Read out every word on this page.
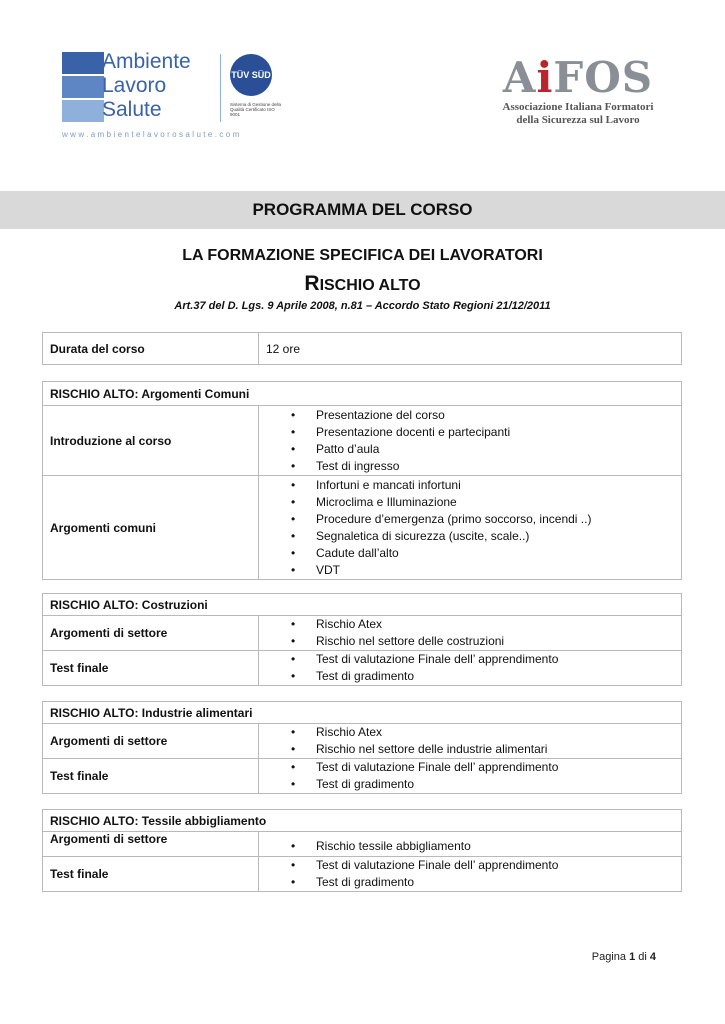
Ambiente
Lavoro
Salute
TÜV SÜD
Sistema di Gestione della Qualità Certificato ISO 9001
www.ambientelavorosalute.com
AiFOS
Associazione Italiana Formatori
della Sicurezza sul Lavoro
PROGRAMMA DEL CORSO
LA FORMAZIONE SPECIFICA DEI LAVORATORI
RISCHIO ALTO
Art.37 del D. Lgs. 9 Aprile 2008, n.81 – Accordo Stato Regioni 21/12/2011
Durata del corso	12 ore
RISCHIO ALTO: Argomenti Comuni
Introduzione al corso
• Presentazione del corso
• Presentazione docenti e partecipanti
• Patto d’aula
• Test di ingresso
Argomenti comuni
• Infortuni e mancati infortuni
• Microclima e Illuminazione
• Procedure d’emergenza (primo soccorso, incendi ..)
• Segnaletica di sicurezza (uscite, scale..)
• Cadute dall’alto
• VDT
RISCHIO ALTO: Costruzioni
Argomenti di settore
• Rischio Atex
• Rischio nel settore delle costruzioni
Test finale
• Test di valutazione Finale dell’ apprendimento
• Test di gradimento
RISCHIO ALTO: Industrie alimentari
Argomenti di settore
• Rischio Atex
• Rischio nel settore delle industrie alimentari
Test finale
• Test di valutazione Finale dell’ apprendimento
• Test di gradimento
RISCHIO ALTO: Tessile abbigliamento
Argomenti di settore
•	Rischio tessile abbigliamento
Test finale
• Test di valutazione Finale dell’ apprendimento
• Test di gradimento
Pagina 1 di 4
